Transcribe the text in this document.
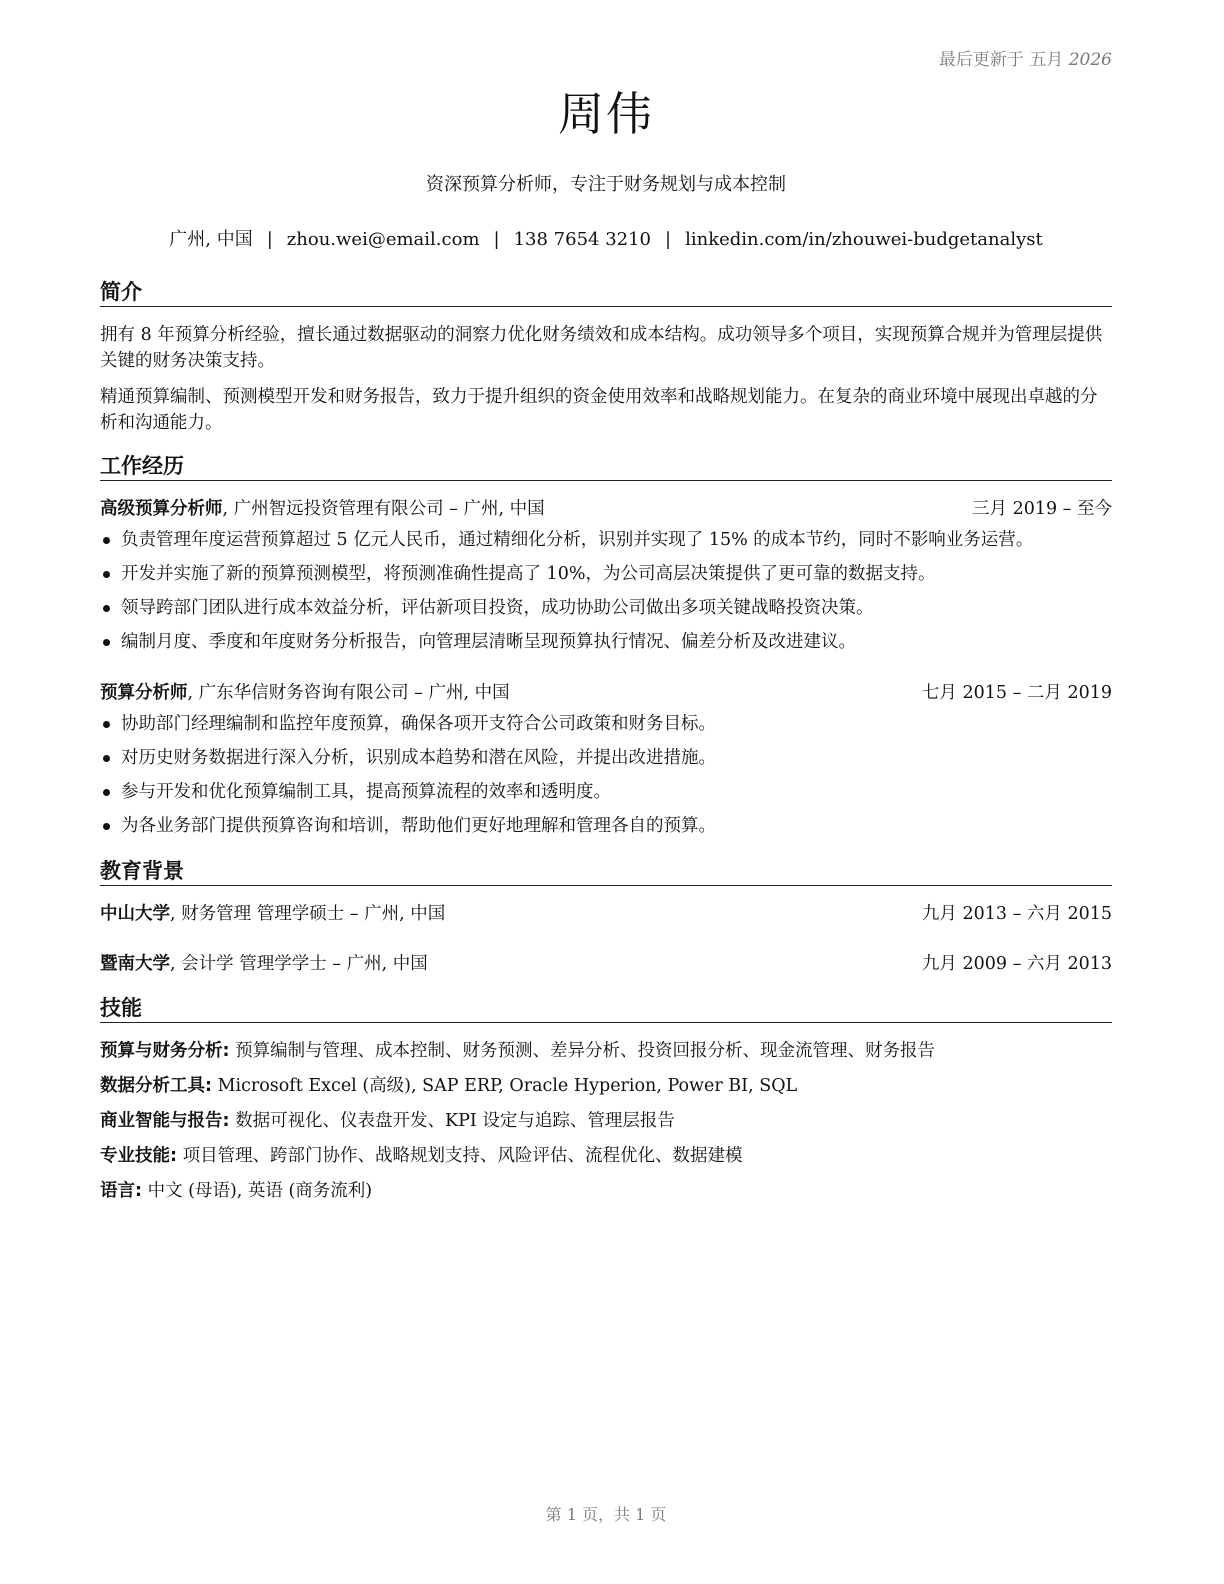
最后更新于 五月 2026
周伟
资深预算分析师，专注于财务规划与成本控制
广州, 中国 | zhou.wei@email.com | 138 7654 3210 | linkedin.com/in/zhouwei-budgetanalyst
简介
拥有 8 年预算分析经验，擅长通过数据驱动的洞察力优化财务绩效和成本结构。成功领导多个项目，实现预算合规并为管理层提供关键的财务决策支持。
精通预算编制、预测模型开发和财务报告，致力于提升组织的资金使用效率和战略规划能力。在复杂的商业环境中展现出卓越的分析和沟通能力。
工作经历
高级预算分析师, 广州智远投资管理有限公司 – 广州, 中国	三月 2019 – 至今
负责管理年度运营预算超过 5 亿元人民币，通过精细化分析，识别并实现了 15% 的成本节约，同时不影响业务运营。
开发并实施了新的预算预测模型，将预测准确性提高了 10%，为公司高层决策提供了更可靠的数据支持。
领导跨部门团队进行成本效益分析，评估新项目投资，成功协助公司做出多项关键战略投资决策。
编制月度、季度和年度财务分析报告，向管理层清晰呈现预算执行情况、偏差分析及改进建议。
预算分析师, 广东华信财务咨询有限公司 – 广州, 中国	七月 2015 – 二月 2019
协助部门经理编制和监控年度预算，确保各项开支符合公司政策和财务目标。
对历史财务数据进行深入分析，识别成本趋势和潜在风险，并提出改进措施。
参与开发和优化预算编制工具，提高预算流程的效率和透明度。
为各业务部门提供预算咨询和培训，帮助他们更好地理解和管理各自的预算。
教育背景
中山大学, 财务管理 管理学硕士 – 广州, 中国	九月 2013 – 六月 2015
暨南大学, 会计学 管理学学士 – 广州, 中国	九月 2009 – 六月 2013
技能
预算与财务分析: 预算编制与管理、成本控制、财务预测、差异分析、投资回报分析、现金流管理、财务报告
数据分析工具: Microsoft Excel (高级), SAP ERP, Oracle Hyperion, Power BI, SQL
商业智能与报告: 数据可视化、仪表盘开发、KPI 设定与追踪、管理层报告
专业技能: 项目管理、跨部门协作、战略规划支持、风险评估、流程优化、数据建模
语言: 中文 (母语), 英语 (商务流利)
第 1 页，共 1 页
